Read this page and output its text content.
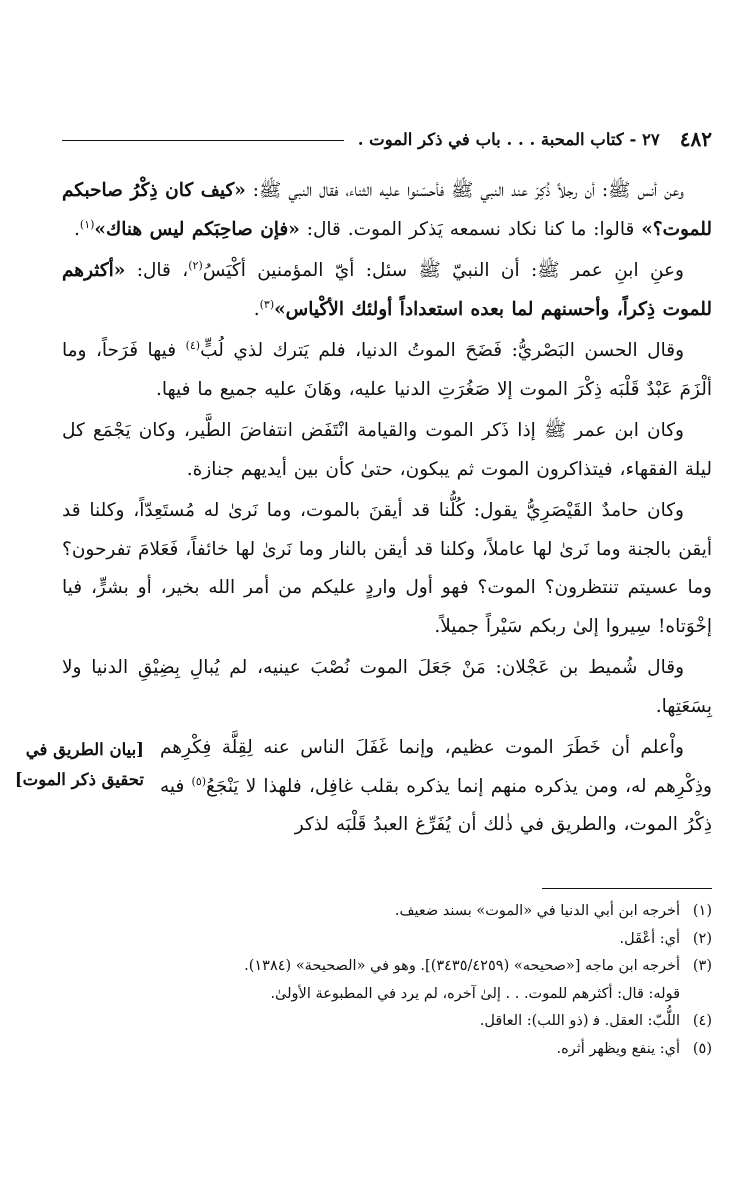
٤٨٢
٢٧ - كتاب المحبة . . . باب في ذكر الموت .

وعن أنس ﷺ: أن رجلاً ذُكِرَ عند النبي ﷺ فأحسَنوا عليه الثناء، فقال النبي ﷺ: «كيف كان ذِكْرُ صاحبكم للموت؟» قالوا: ما كنا نكاد نسمعه يَذكر الموت. قال: «فإن صاحِبَكم ليس هناك»$^{(١)}$.

وعنِ ابنِ عمر ﷺ: أن النبيّ ﷺ سئل: أيّ المؤمنين أكْيَسُ$^{(٢)}$، قال: «أكثرهم للموت ذِكراً، وأحسنهم لما بعده استعداداً أولئك الأكْياس»$^{(٣)}$.

وقال الحسن البَصْريُّ: فَضَحَ الموتُ الدنيا، فلم يَترك لذي لُبٍّ$^{(٤)}$ فيها فَرَحاً، وما ألْزَمَ عَبْدٌ قَلْبَه ذِكْرَ الموت إلا صَغُرَتِ الدنيا عليه، وهَانَ عليه جميع ما فيها.

وكان ابن عمر ﷺ إذا ذَكر الموت والقيامة انْتَفَض انتفاضَ الطَّير، وكان يَجْمَع كل ليلة الفقهاء، فيتذاكرون الموت ثم يبكون، حتىٰ كأن بين أيديهم جنازة.

وكان حامدٌ القَيْصَرِيُّ يقول: كُلُّنا قد أيقنَ بالموت، وما نَرىٰ له مُستَعِدّاً، وكلنا قد أيقن بالجنة وما نَرىٰ لها عاملاً، وكلنا قد أيقن بالنار وما نَرىٰ لها خائفاً، فَعَلامَ تفرحون؟ وما عسيتم تنتظرون؟ الموت؟ فهو أول واردٍ عليكم من أمر الله بخير، أو بشرٍّ، فيا إخْوَتاه! سِيروا إلىٰ ربكم سَيْراً جميلاً.

وقال شُميط بن عَجْلان: مَنْ جَعَلَ الموت نُصْبَ عينيه، لم يُبالِ بِضِيْقِ الدنيا ولا بِسَعَتِها.

[بيان الطريق في تحقيق ذكر الموت]

واْعلم أن خَطَرَ الموت عظيم، وإنما غَفَلَ الناس عنه لِقِلَّة فِكْرِهم وذِكْرِهم له، ومن يذكره منهم إنما يذكره بقلب غافِل، فلهذا لا يَنْجَعُ$^{(٥)}$ فيه ذِكْرُ الموت، والطريق في ذٰلك أن يُفَرِّغ العبدُ قَلْبَه لذكر

(١)أخرجه ابن أبي الدنيا في «الموت» بسند ضعيف.

(٢)أي: أعْقَل.

(٣)أخرجه ابن ماجه [«صحيحه» (٣٤٣٥/٤٢٥٩)]. وهو في «الصحيحة» (١٣٨٤).

قوله: قال: أكثرهم للموت. . . إلىٰ آخره، لم يرد في المطبوعة الأولىٰ.

(٤)اللُّبّ: العقل. ﻓ (ذو اللب): العاقل.

(٥)أي: ينفع ويظهر أثره.
